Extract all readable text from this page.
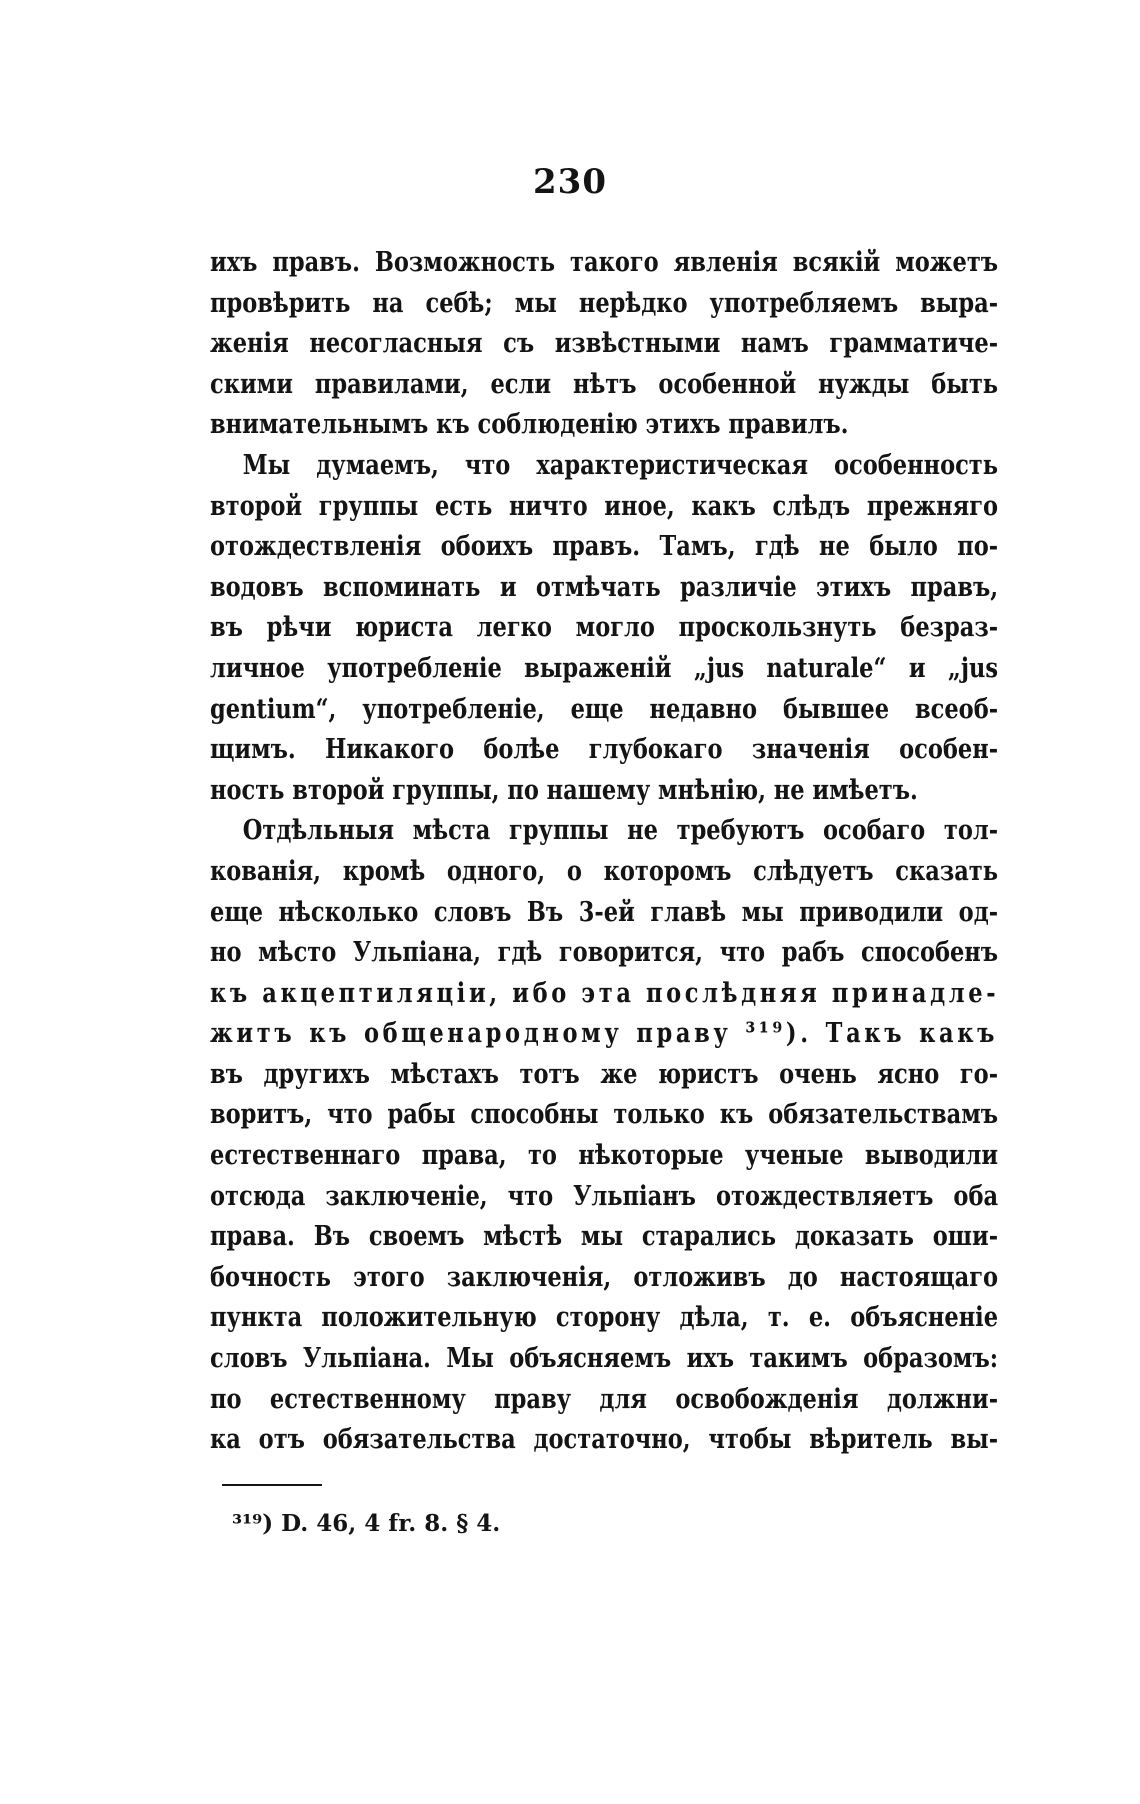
230
ихъ правъ. Возможность такого явленія всякій можетъ
провѣрить на себѣ; мы нерѣдко употребляемъ выра-
женія несогласныя съ извѣстными намъ грамматиче-
скими правилами, если нѣтъ особенной нужды быть
внимательнымъ къ соблюденію этихъ правилъ.
Мы думаемъ, что характеристическая особенность
второй группы есть ничто иное, какъ слѣдъ прежняго
отождествленія обоихъ правъ. Тамъ, гдѣ не было по-
водовъ вспоминать и отмѣчать различіе этихъ правъ,
въ рѣчи юриста легко могло проскользнуть безраз-
личное употребленіе выраженій „jus naturale“ и „jus
gentium“, употребленіе, еще недавно бывшее всеоб-
щимъ. Никакого болѣе глубокаго значенія особен-
ность второй группы, по нашему мнѣнію, не имѣетъ.
Отдѣльныя мѣста группы не требуютъ особаго тол-
кованія, кромѣ одного, о которомъ слѣдуетъ сказать
еще нѣсколько словъ Въ 3-ей главѣ мы приводили од-
но мѣсто Ульпіана, гдѣ говорится, что рабъ способенъ
къ акцептиляціи, ибо эта послѣдняя принадле-
житъ къ общенародному праву ³¹⁹). Такъ какъ
въ другихъ мѣстахъ тотъ же юристъ очень ясно го-
воритъ, что рабы способны только къ обязательствамъ
естественнаго права, то нѣкоторые ученые выводили
отсюда заключеніе, что Ульпіанъ отождествляетъ оба
права. Въ своемъ мѣстѣ мы старались доказать оши-
бочность этого заключенія, отложивъ до настоящаго
пункта положительную сторону дѣла, т. е. объясненіе
словъ Ульпіана. Мы объясняемъ ихъ такимъ образомъ:
по естественному праву для освобожденія должни-
ка отъ обязательства достаточно, чтобы вѣритель вы-
³¹⁹) D. 46, 4 fr. 8. § 4.
